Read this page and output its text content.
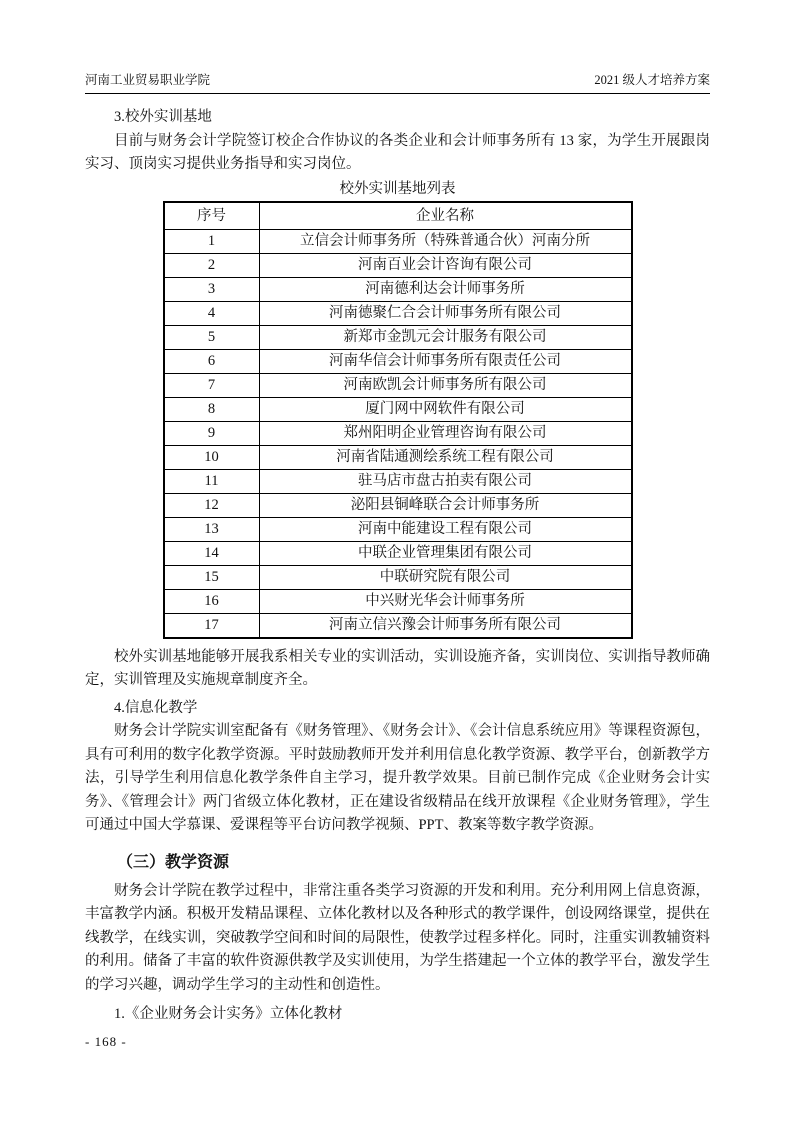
河南工业贸易职业学院	2021 级人才培养方案

3.校外实训基地

目前与财务会计学院签订校企合作协议的各类企业和会计师事务所有 13 家，为学生开展跟岗实习、顶岗实习提供业务指导和实习岗位。

校外实训基地列表

序号	企业名称
1	立信会计师事务所（特殊普通合伙）河南分所
2	河南百业会计咨询有限公司
3	河南德利达会计师事务所
4	河南德聚仁合会计师事务所有限公司
5	新郑市金凯元会计服务有限公司
6	河南华信会计师事务所有限责任公司
7	河南欧凯会计师事务所有限公司
8	厦门网中网软件有限公司
9	郑州阳明企业管理咨询有限公司
10	河南省陆通测绘系统工程有限公司
11	驻马店市盘古拍卖有限公司
12	泌阳县铜峰联合会计师事务所
13	河南中能建设工程有限公司
14	中联企业管理集团有限公司
15	中联研究院有限公司
16	中兴财光华会计师事务所
17	河南立信兴豫会计师事务所有限公司

校外实训基地能够开展我系相关专业的实训活动，实训设施齐备，实训岗位、实训指导教师确定，实训管理及实施规章制度齐全。

4.信息化教学

财务会计学院实训室配备有《财务管理》、《财务会计》、《会计信息系统应用》等课程资源包，具有可利用的数字化教学资源。平时鼓励教师开发并利用信息化教学资源、教学平台，创新教学方法，引导学生利用信息化教学条件自主学习，提升教学效果。目前已制作完成《企业财务会计实务》、《管理会计》两门省级立体化教材，正在建设省级精品在线开放课程《企业财务管理》，学生可通过中国大学慕课、爱课程等平台访问教学视频、PPT、教案等数字教学资源。

（三）教学资源

财务会计学院在教学过程中，非常注重各类学习资源的开发和利用。充分利用网上信息资源，丰富教学内涵。积极开发精品课程、立体化教材以及各种形式的教学课件，创设网络课堂，提供在线教学，在线实训，突破教学空间和时间的局限性，使教学过程多样化。同时，注重实训教辅资料的利用。储备了丰富的软件资源供教学及实训使用，为学生搭建起一个立体的教学平台，激发学生的学习兴趣，调动学生学习的主动性和创造性。

1.《企业财务会计实务》立体化教材

- 168 -
